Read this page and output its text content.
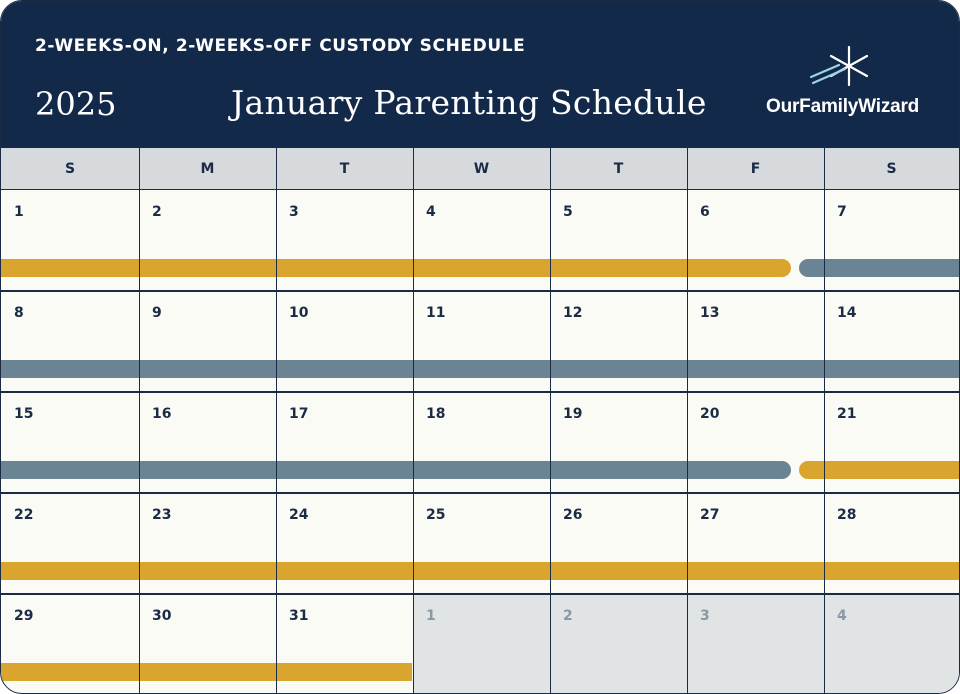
2-WEEKS-ON, 2-WEEKS-OFF CUSTODY SCHEDULE
2025	January Parenting Schedule	OurFamilyWizard
S	M	T	W	T	F	S
1	2	3	4	5	6	7
8	9	10	11	12	13	14
15	16	17	18	19	20	21
22	23	24	25	26	27	28
29	30	31	1	2	3	4
